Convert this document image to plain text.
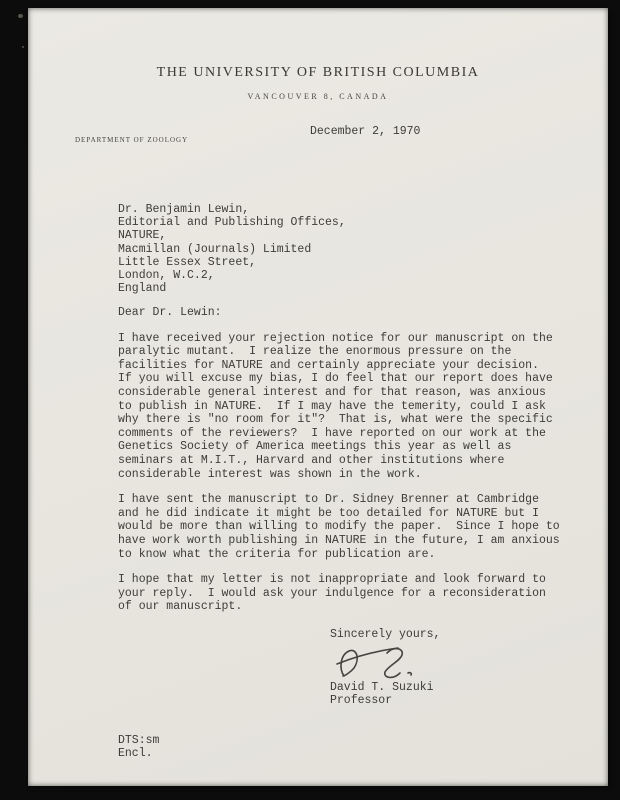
THE UNIVERSITY OF BRITISH COLUMBIA
VANCOUVER 8, CANADA
DEPARTMENT OF ZOOLOGY
December 2, 1970
Dr. Benjamin Lewin,
Editorial and Publishing Offices,
NATURE,
Macmillan (Journals) Limited
Little Essex Street,
London, W.C.2,
England
Dear Dr. Lewin:
I have received your rejection notice for our manuscript on the paralytic mutant.  I realize the enormous pressure on the facilities for NATURE and certainly appreciate your decision.  If you will excuse my bias, I do feel that our report does have considerable general interest and for that reason, was anxious to publish in NATURE.  If I may have the temerity, could I ask why there is "no room for it"?  That is, what were the specific comments of the reviewers?  I have reported on our work at the Genetics Society of America meetings this year as well as seminars at M.I.T., Harvard and other institutions where considerable interest was shown in the work.
I have sent the manuscript to Dr. Sidney Brenner at Cambridge and he did indicate it might be too detailed for NATURE but I would be more than willing to modify the paper.  Since I hope to have work worth publishing in NATURE in the future, I am anxious to know what the criteria for publication are.
I hope that my letter is not inappropriate and look forward to your reply.  I would ask your indulgence for a reconsideration of our manuscript.
Sincerely yours,
David T. Suzuki
Professor
DTS:sm
Encl.
